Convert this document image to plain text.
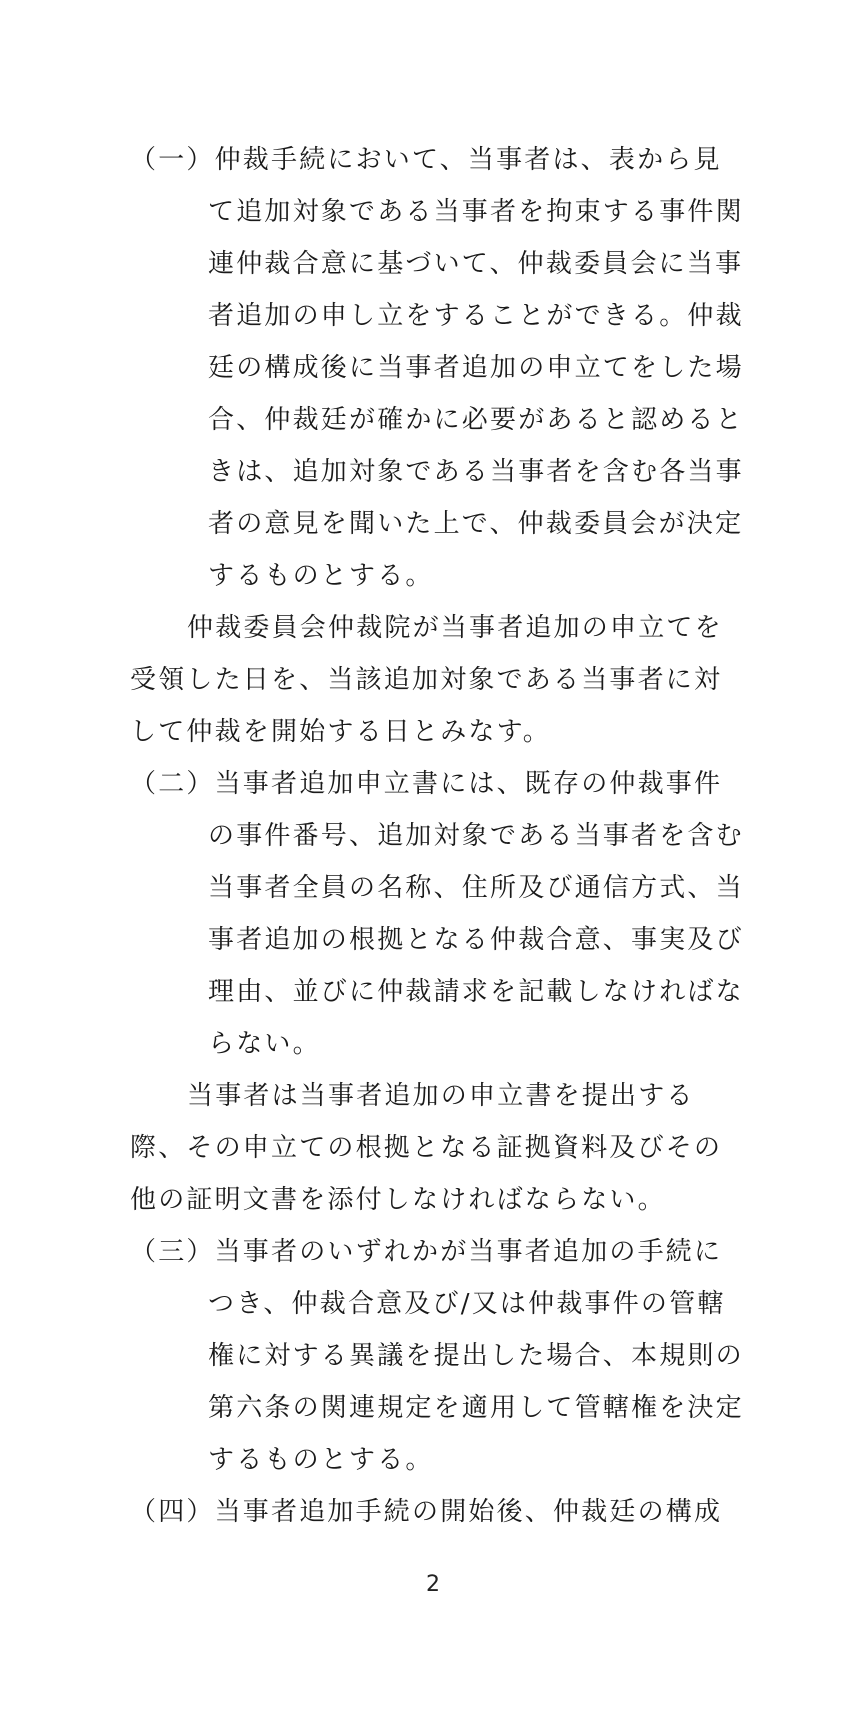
（一）仲裁手続において、当事者は、表から見
て追加対象である当事者を拘束する事件関
連仲裁合意に基づいて、仲裁委員会に当事
者追加の申し立をすることができる。仲裁
廷の構成後に当事者追加の申立てをした場
合、仲裁廷が確かに必要があると認めると
きは、追加対象である当事者を含む各当事
者の意見を聞いた上で、仲裁委員会が決定
するものとする。
仲裁委員会仲裁院が当事者追加の申立てを
受領した日を、当該追加対象である当事者に対
して仲裁を開始する日とみなす。
（二）当事者追加申立書には、既存の仲裁事件
の事件番号、追加対象である当事者を含む
当事者全員の名称、住所及び通信方式、当
事者追加の根拠となる仲裁合意、事実及び
理由、並びに仲裁請求を記載しなければな
らない。
当事者は当事者追加の申立書を提出する
際、その申立ての根拠となる証拠資料及びその
他の証明文書を添付しなければならない。
（三）当事者のいずれかが当事者追加の手続に
つき、仲裁合意及び/又は仲裁事件の管轄
権に対する異議を提出した場合、本規則の
第六条の関連規定を適用して管轄権を決定
するものとする。
（四）当事者追加手続の開始後、仲裁廷の構成
2
